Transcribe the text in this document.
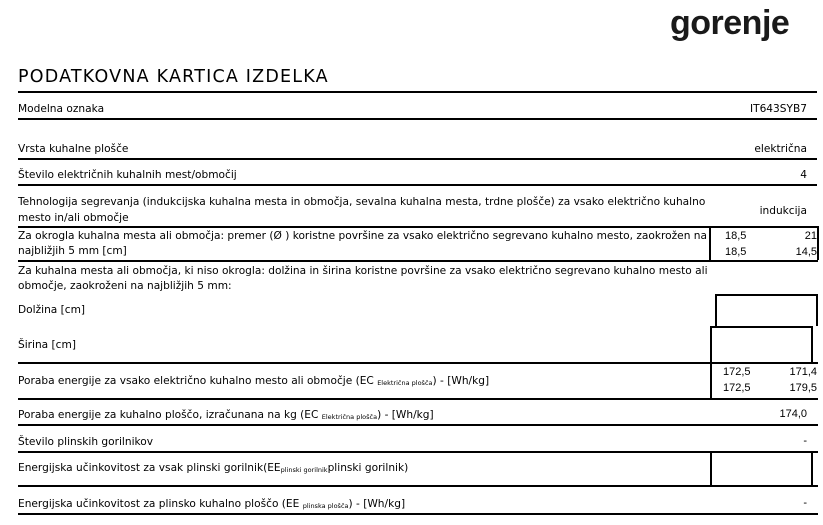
gorenje
PODATKOVNA KARTICA IZDELKA
Modelna oznaka	IT643SYB7
Vrsta kuhalne plošče	električna
Število električnih kuhalnih mest/območij	4
Tehnologija segrevanja (indukcijska kuhalna mesta in območja, sevalna kuhalna mesta, trdne plošče) za vsako električno kuhalno
mesto in/ali območje
indukcija
Za okrogla kuhalna mesta ali območja: premer (Ø ) koristne površine za vsako električno segrevano kuhalno mesto, zaokrožen na
najbližjih 5 mm [cm]
18,5	21
18,5	14,5
Za kuhalna mesta ali območja, ki niso okrogla: dolžina in širina koristne površine za vsako električno segrevano kuhalno mesto ali
območje, zaokroženi na najbližjih 5 mm:
Dolžina [cm]
Širina [cm]
Poraba energije za vsako električno kuhalno mesto ali območje (EC $_{Električna plošča}$) - [Wh/kg]
172,5	171,4
172,5	179,5
Poraba energije za kuhalno ploščo, izračunana na kg (EC $_{Električna plošča}$) - [Wh/kg]	174,0
Število plinskih gorilnikov	-
Energijska učinkovitost za vsak plinski $gorilnik(EE_{plinski gorilnik}plinski$ gorilnik)
Energijska učinkovitost za plinsko kuhalno ploščo (EE $_{plinska plošča}$) - [Wh/kg]	-
